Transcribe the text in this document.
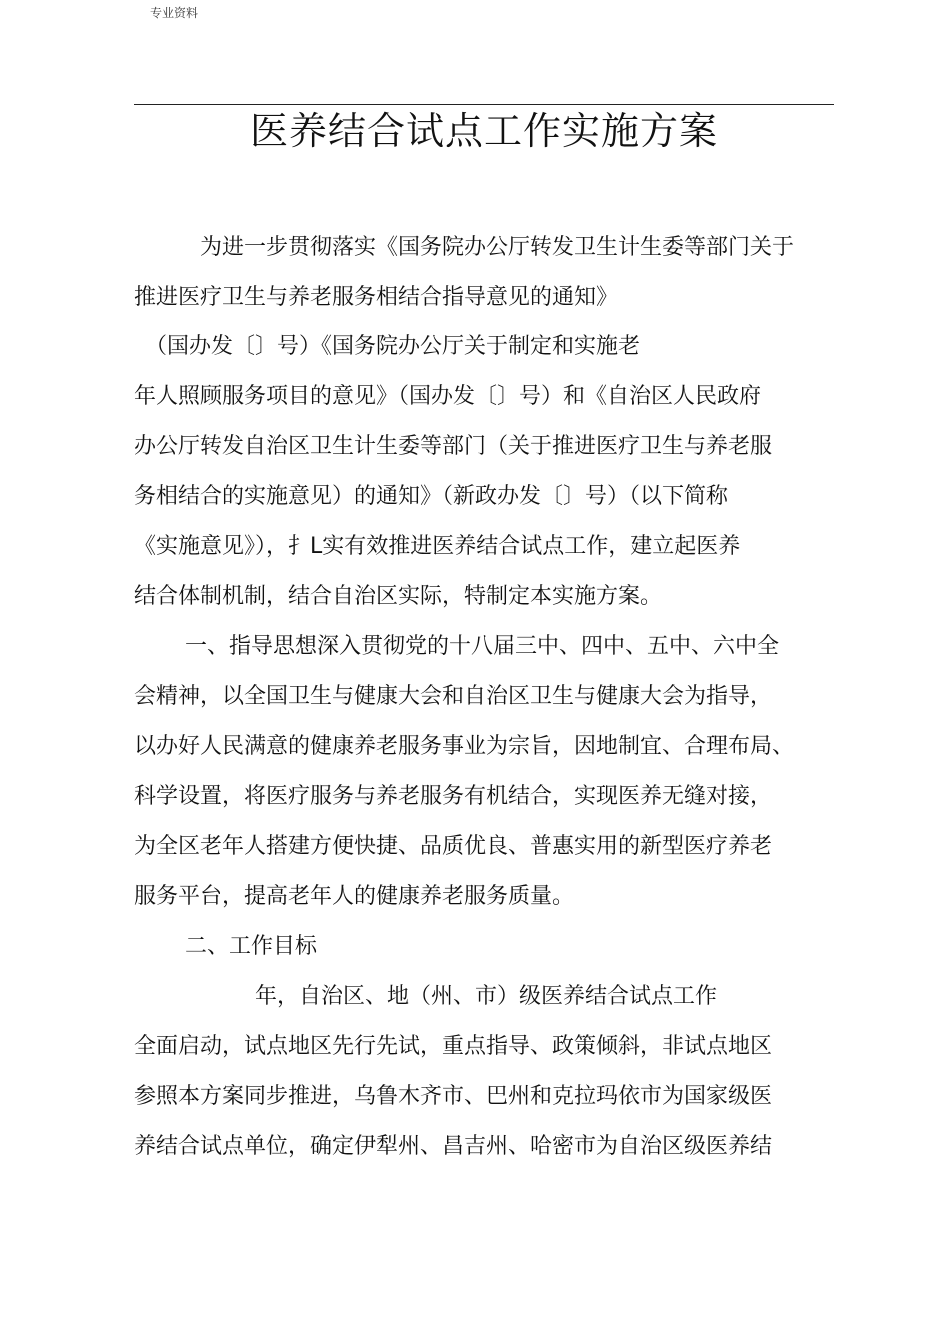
专业资料
医养结合试点工作实施方案
为进一步贯彻落实《国务院办公厅转发卫生计生委等部门关于
推进医疗卫生与养老服务相结合指导意见的通知》
（国办发〔〕号）《国务院办公厅关于制定和实施老
年人照顾服务项目的意见》（国办发〔〕号）和《自治区人民政府
办公厅转发自治区卫生计生委等部门（关于推进医疗卫生与养老服
务相结合的实施意见）的通知》（新政办发〔〕号）（以下简称
《实施意见》），扌L实有效推进医养结合试点工作，建立起医养
结合体制机制，结合自治区实际，特制定本实施方案。
一、指导思想深入贯彻党的十八届三中、四中、五中、六中全
会精神，以全国卫生与健康大会和自治区卫生与健康大会为指导，
以办好人民满意的健康养老服务事业为宗旨，因地制宜、合理布局、
科学设置，将医疗服务与养老服务有机结合，实现医养无缝对接，
为全区老年人搭建方便快捷、品质优良、普惠实用的新型医疗养老
服务平台，提高老年人的健康养老服务质量。
二、工作目标
年，自治区、地（州、市）级医养结合试点工作
全面启动，试点地区先行先试，重点指导、政策倾斜，非试点地区
参照本方案同步推进，乌鲁木齐市、巴州和克拉玛依市为国家级医
养结合试点单位，确定伊犁州、昌吉州、哈密市为自治区级医养结
